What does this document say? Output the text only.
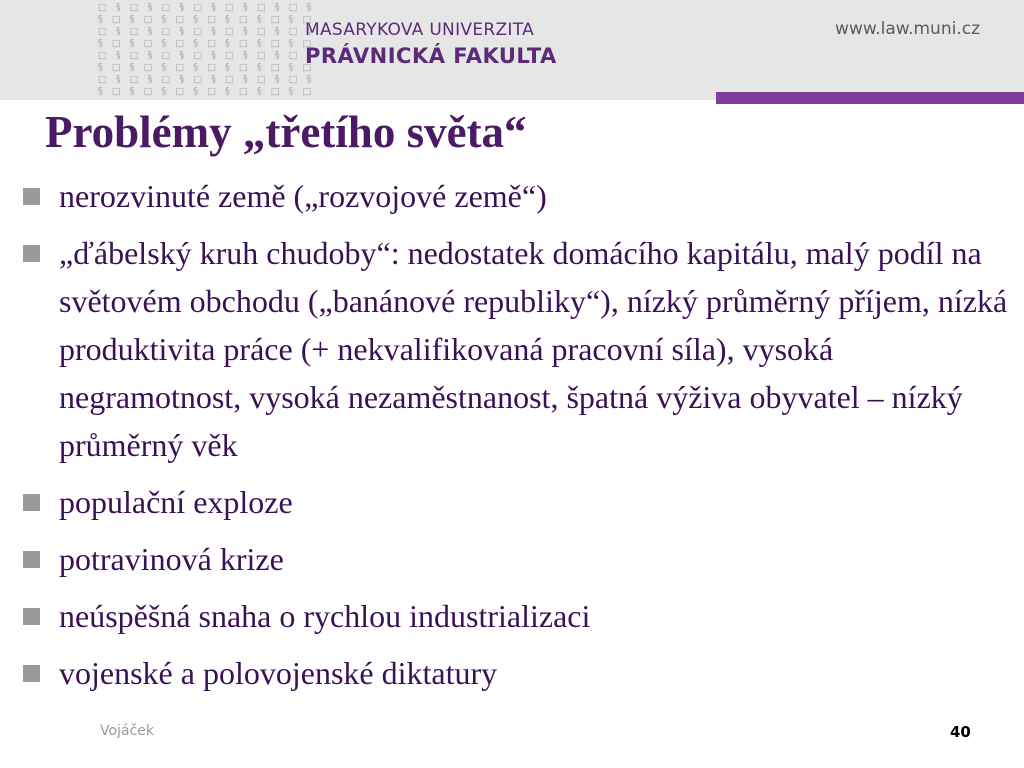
□ § □ § □ § □ § □ § □ § □ §
§ □ § □ § □ § □ § □ § □ § □
□ § □ § □ § □ § □ § □ § □ §
§ □ § □ § □ § □ § □ § □ § □
□ § □ § □ § □ § □ § □ § □ §
§ □ § □ § □ § □ § □ § □ § □
□ § □ § □ § □ § □ § □ § □ §
§ □ § □ § □ § □ § □ § □ § □
MASARYKOVA UNIVERZITA
PRÁVNICKÁ FAKULTA
www.law.muni.cz
Problémy „třetího světa“
nerozvinuté země („rozvojové země“)
„ďábelský kruh chudoby“: nedostatek domácího kapitálu, malý podíl na světovém obchodu („banánové republiky“), nízký průměrný příjem, nízká produktivita práce (+ nekvalifikovaná pracovní síla), vysoká negramotnost, vysoká nezaměstnanost, špatná výživa obyvatel – nízký průměrný věk
populační exploze
potravinová krize
neúspěšná snaha o rychlou industrializaci
vojenské a polovojenské diktatury
Vojáček	40
